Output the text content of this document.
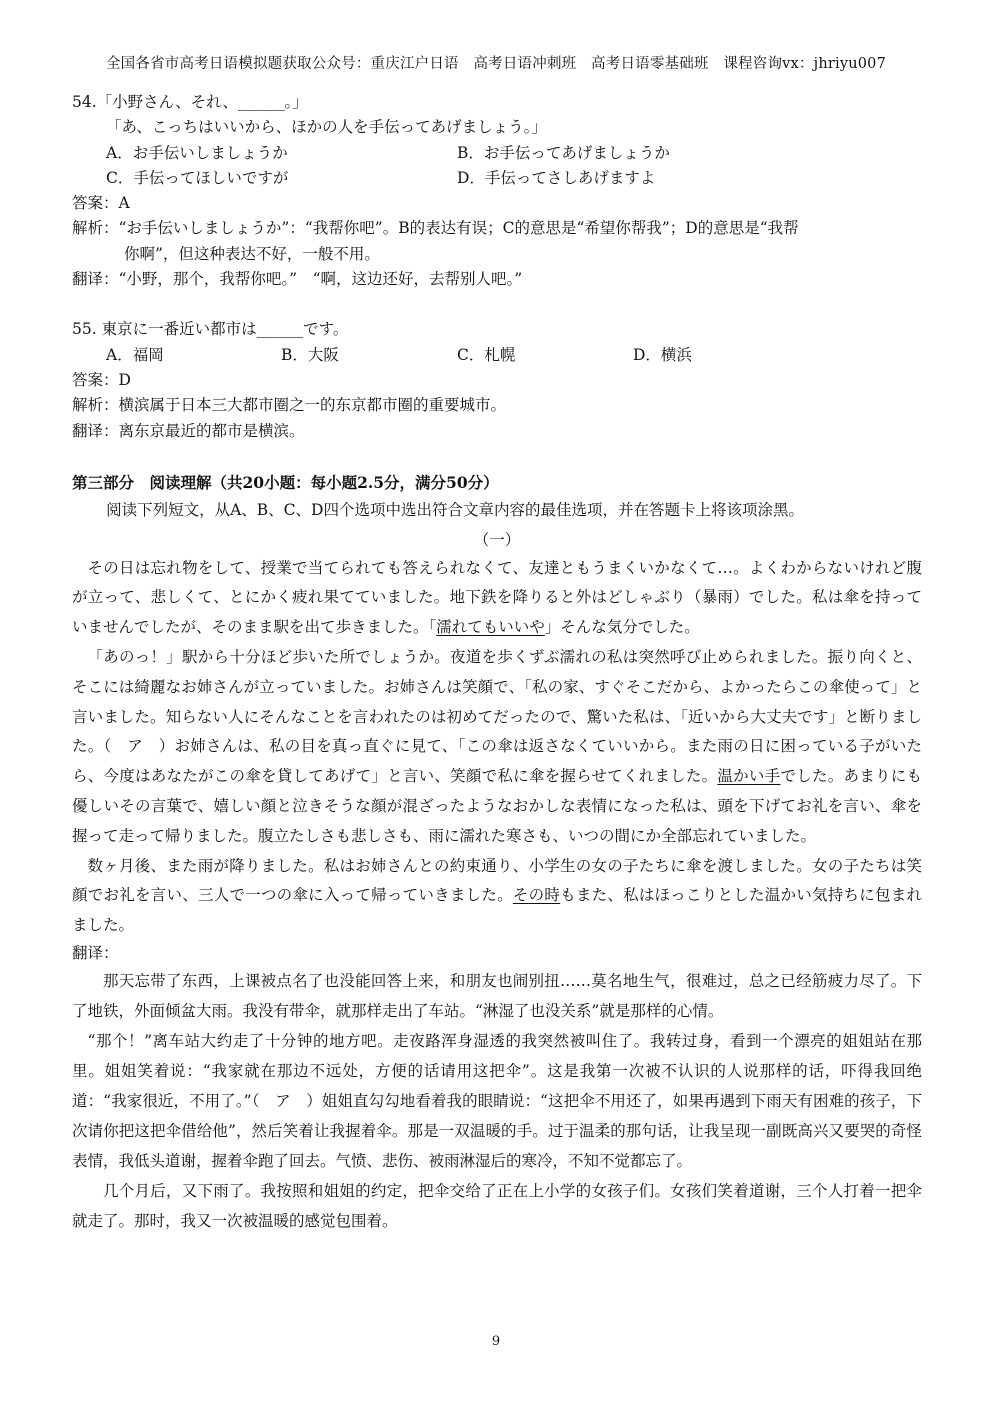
全国各省市高考日语模拟题获取公众号：重庆江户日语　高考日语冲刺班　高考日语零基础班　课程咨询vx：jhriyu007
54.「小野さん、それ、______。」
「あ、こっちはいいから、ほかの人を手伝ってあげましょう。」
A．お手伝いしましょうか	B．お手伝ってあげましょうか
C．手伝ってほしいですが	D．手伝ってさしあげますよ
答案：A
解析：“お手伝いしましょうか”：“我帮你吧”。B的表达有误；C的意思是“希望你帮我”；D的意思是“我帮
你啊”，但这种表达不好，一般不用。
翻译：“小野，那个，我帮你吧。”　“啊，这边还好，去帮别人吧。”
55. 東京に一番近い都市は______です。
A．福岡	B．大阪	C．札幌	D．横浜
答案：D
解析：横滨属于日本三大都市圈之一的东京都市圈的重要城市。
翻译：离东京最近的都市是横滨。
第三部分　阅读理解（共20小题：每小题2.5分，满分50分）
阅读下列短文，从A、B、C、D四个选项中选出符合文章内容的最佳选项，并在答题卡上将该项涂黑。
（一）
その日は忘れ物をして、授業で当てられても答えられなくて、友達ともうまくいかなくて…。よくわからないけれど腹が立って、悲しくて、とにかく疲れ果てていました。地下鉄を降りると外はどしゃぶり（暴雨）でした。私は傘を持っていませんでしたが、そのまま駅を出て歩きました。「濡れてもいいや」そんな気分でした。
「あのっ！」駅から十分ほど歩いた所でしょうか。夜道を歩くずぶ濡れの私は突然呼び止められました。振り向くと、そこには綺麗なお姉さんが立っていました。お姉さんは笑顔で、「私の家、すぐそこだから、よかったらこの傘使って」と言いました。知らない人にそんなことを言われたのは初めてだったので、驚いた私は、「近いから大丈夫です」と断りました。（　ア　）お姉さんは、私の目を真っ直ぐに見て、「この傘は返さなくていいから。また雨の日に困っている子がいたら、今度はあなたがこの傘を貸してあげて」と言い、笑顔で私に傘を握らせてくれました。温かい手でした。あまりにも優しいその言葉で、嬉しい顔と泣きそうな顔が混ざったようなおかしな表情になった私は、頭を下げてお礼を言い、傘を握って走って帰りました。腹立たしさも悲しさも、雨に濡れた寒さも、いつの間にか全部忘れていました。
数ヶ月後、また雨が降りました。私はお姉さんとの約束通り、小学生の女の子たちに傘を渡しました。女の子たちは笑顔でお礼を言い、三人で一つの傘に入って帰っていきました。その時もまた、私はほっこりとした温かい気持ちに包まれました。
翻译：
那天忘带了东西，上课被点名了也没能回答上来，和朋友也闹别扭……莫名地生气，很难过，总之已经筋疲力尽了。下了地铁，外面倾盆大雨。我没有带伞，就那样走出了车站。“淋湿了也没关系”就是那样的心情。
“那个！”离车站大约走了十分钟的地方吧。走夜路浑身湿透的我突然被叫住了。我转过身，看到一个漂亮的姐姐站在那里。姐姐笑着说：“我家就在那边不远处，方便的话请用这把伞”。这是我第一次被不认识的人说那样的话，吓得我回绝道：“我家很近，不用了。”（　ア　）姐姐直勾勾地看着我的眼睛说：“这把伞不用还了，如果再遇到下雨天有困难的孩子，下次请你把这把伞借给他”，然后笑着让我握着伞。那是一双温暖的手。过于温柔的那句话，让我呈现一副既高兴又要哭的奇怪表情，我低头道谢，握着伞跑了回去。气愤、悲伤、被雨淋湿后的寒冷，不知不觉都忘了。
几个月后，又下雨了。我按照和姐姐的约定，把伞交给了正在上小学的女孩子们。女孩们笑着道谢，三个人打着一把伞就走了。那时，我又一次被温暖的感觉包围着。
9
